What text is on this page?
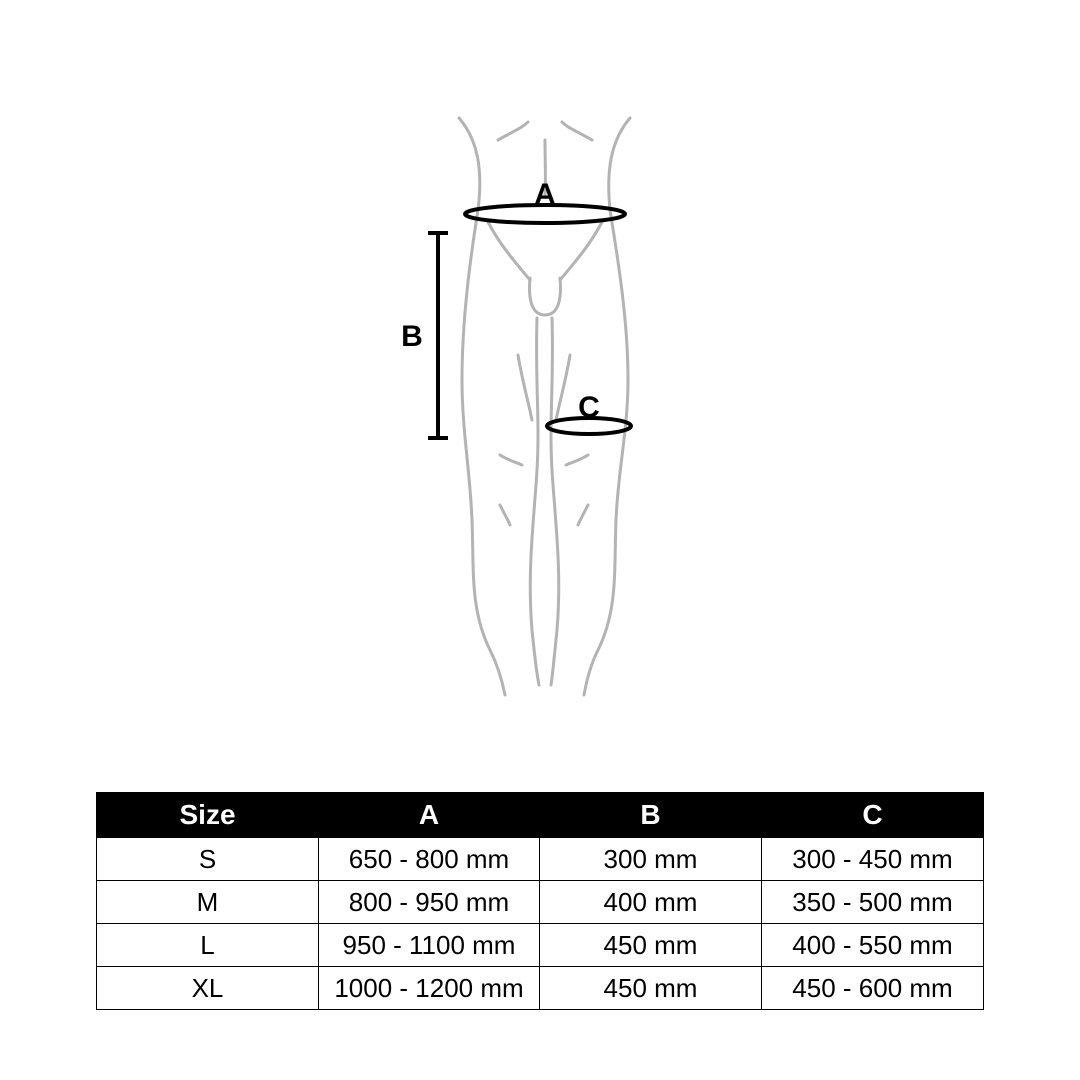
A
B
C
Size	A	B	C
S	650 - 800 mm	300 mm	300 - 450 mm
M	800 - 950 mm	400 mm	350 - 500 mm
L	950 - 1100 mm	450 mm	400 - 550 mm
XL	1000 - 1200 mm	450 mm	450 - 600 mm
